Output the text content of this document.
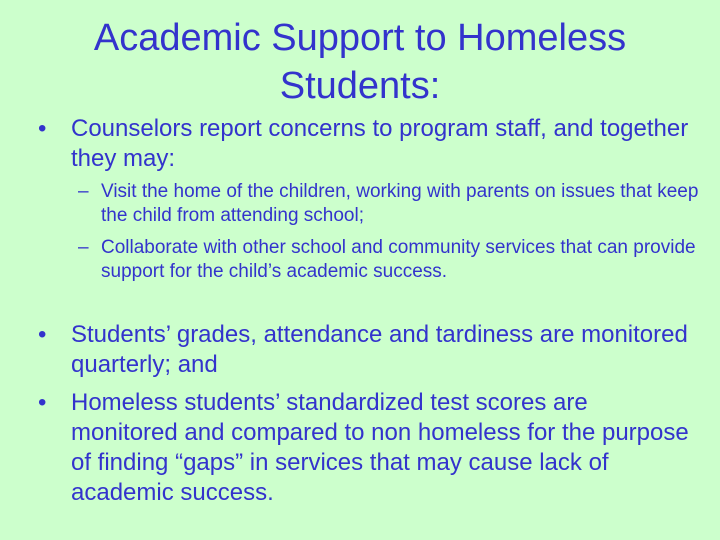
Academic Support to Homeless
Students:
•	Counselors report concerns to program staff, and together they may:
– Visit the home of the children, working with parents on issues that keep the child from attending school;
– Collaborate with other school and community services that can provide support for the child’s academic success.
•	Students’ grades, attendance and tardiness are monitored quarterly; and
•	Homeless students’ standardized test scores are monitored and compared to non homeless for the purpose of finding “gaps” in services that may cause lack of academic success.
